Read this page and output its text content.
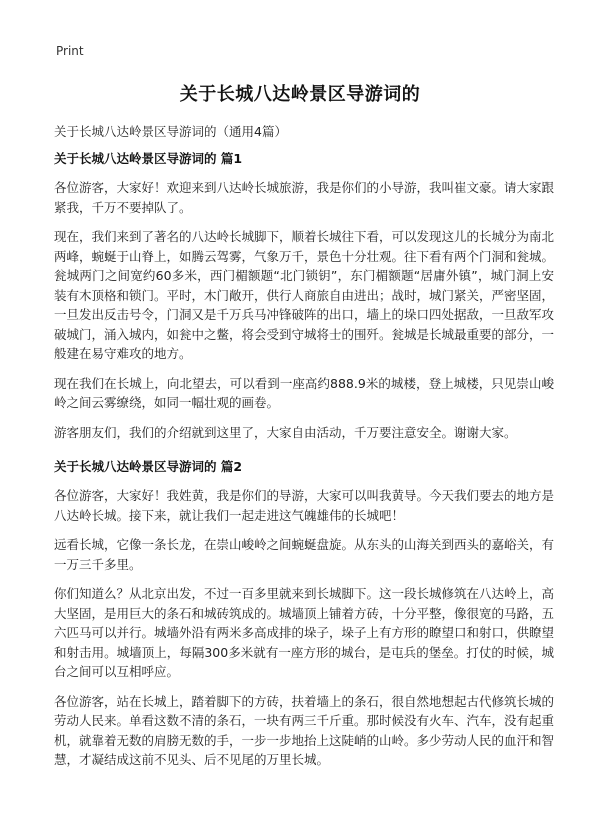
Print
关于长城八达岭景区导游词的

关于长城八达岭景区导游词的（通用4篇）

关于长城八达岭景区导游词的 篇1

各位游客，大家好！欢迎来到八达岭长城旅游，我是你们的小导游，我叫崔文豪。请大家跟紧我，千万不要掉队了。

现在，我们来到了著名的八达岭长城脚下，顺着长城往下看，可以发现这儿的长城分为南北两峰，蜿蜒于山脊上，如腾云驾雾，气象万千，景色十分壮观。往下看有两个门洞和瓮城。瓮城两门之间宽约60多米，西门楣额题“北门锁钥”，东门楣额题“居庸外镇”，城门洞上安装有木顶格和锁门。平时，木门敞开，供行人商旅自由进出；战时，城门紧关，严密坚固，一旦发出反击号令，门洞又是千万兵马冲锋破阵的出口，墙上的垛口四处据敌，一旦敌军攻破城门，涌入城内，如瓮中之鳖，将会受到守城将士的围歼。瓮城是长城最重要的部分，一般建在易守难攻的地方。

现在我们在长城上，向北望去，可以看到一座高约888.9米的城楼，登上城楼，只见崇山峻岭之间云雾缭绕，如同一幅壮观的画卷。

游客朋友们，我们的介绍就到这里了，大家自由活动，千万要注意安全。谢谢大家。

关于长城八达岭景区导游词的 篇2

各位游客，大家好！我姓黄，我是你们的导游，大家可以叫我黄导。今天我们要去的地方是八达岭长城。接下来，就让我们一起走进这气魄雄伟的长城吧！

远看长城，它像一条长龙，在崇山峻岭之间蜿蜒盘旋。从东头的山海关到西头的嘉峪关，有一万三千多里。

你们知道么？从北京出发，不过一百多里就来到长城脚下。这一段长城修筑在八达岭上，高大坚固，是用巨大的条石和城砖筑成的。城墙顶上铺着方砖，十分平整，像很宽的马路，五六匹马可以并行。城墙外沿有两米多高成排的垛子，垛子上有方形的瞭望口和射口，供瞭望和射击用。城墙顶上，每隔300多米就有一座方形的城台，是屯兵的堡垒。打仗的时候，城台之间可以互相呼应。

各位游客，站在长城上，踏着脚下的方砖，扶着墙上的条石，很自然地想起古代修筑长城的劳动人民来。单看这数不清的条石，一块有两三千斤重。那时候没有火车、汽车，没有起重机，就靠着无数的肩膀无数的手，一步一步地抬上这陡峭的山岭。多少劳动人民的血汗和智慧，才凝结成这前不见头、后不见尾的万里长城。
